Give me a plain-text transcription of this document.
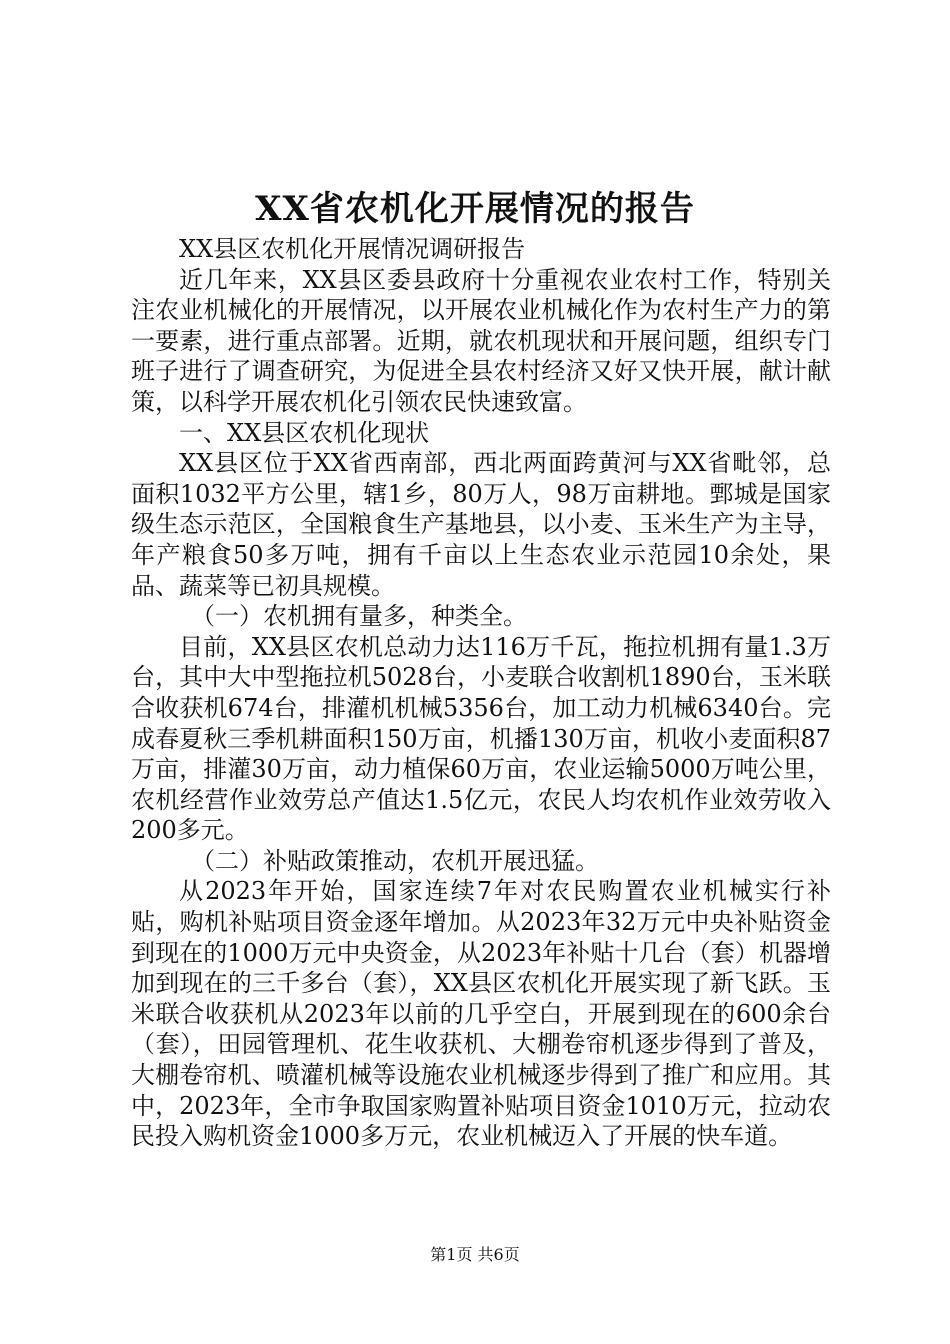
XX省农机化开展情况的报告

XX县区农机化开展情况调研报告

近几年来，XX县区委县政府十分重视农业农村工作，特别关注农业机械化的开展情况，以开展农业机械化作为农村生产力的第一要素，进行重点部署。近期，就农机现状和开展问题，组织专门班子进行了调查研究，为促进全县农村经济又好又快开展，献计献策，以科学开展农机化引领农民快速致富。

一、XX县区农机化现状

XX县区位于XX省西南部，西北两面跨黄河与XX省毗邻，总面积1032平方公里，辖1乡，80万人，98万亩耕地。鄄城是国家级生态示范区，全国粮食生产基地县，以小麦、玉米生产为主导，年产粮食50多万吨，拥有千亩以上生态农业示范园10余处，果品、蔬菜等已初具规模。

（一）农机拥有量多，种类全。

目前，XX县区农机总动力达116万千瓦，拖拉机拥有量1.3万台，其中大中型拖拉机5028台，小麦联合收割机1890台，玉米联合收获机674台，排灌机机械5356台，加工动力机械6340台。完成春夏秋三季机耕面积150万亩，机播130万亩，机收小麦面积87万亩，排灌30万亩，动力植保60万亩，农业运输5000万吨公里，农机经营作业效劳总产值达1.5亿元，农民人均农机作业效劳收入200多元。

（二）补贴政策推动，农机开展迅猛。

从2023年开始，国家连续7年对农民购置农业机械实行补贴，购机补贴项目资金逐年增加。从2023年32万元中央补贴资金到现在的1000万元中央资金，从2023年补贴十几台（套）机器增加到现在的三千多台（套），XX县区农机化开展实现了新飞跃。玉米联合收获机从2023年以前的几乎空白，开展到现在的600余台（套），田园管理机、花生收获机、大棚卷帘机逐步得到了普及，大棚卷帘机、喷灌机械等设施农业机械逐步得到了推广和应用。其中，2023年，全市争取国家购置补贴项目资金1010万元，拉动农民投入购机资金1000多万元，农业机械迈入了开展的快车道。

第1页 共6页
